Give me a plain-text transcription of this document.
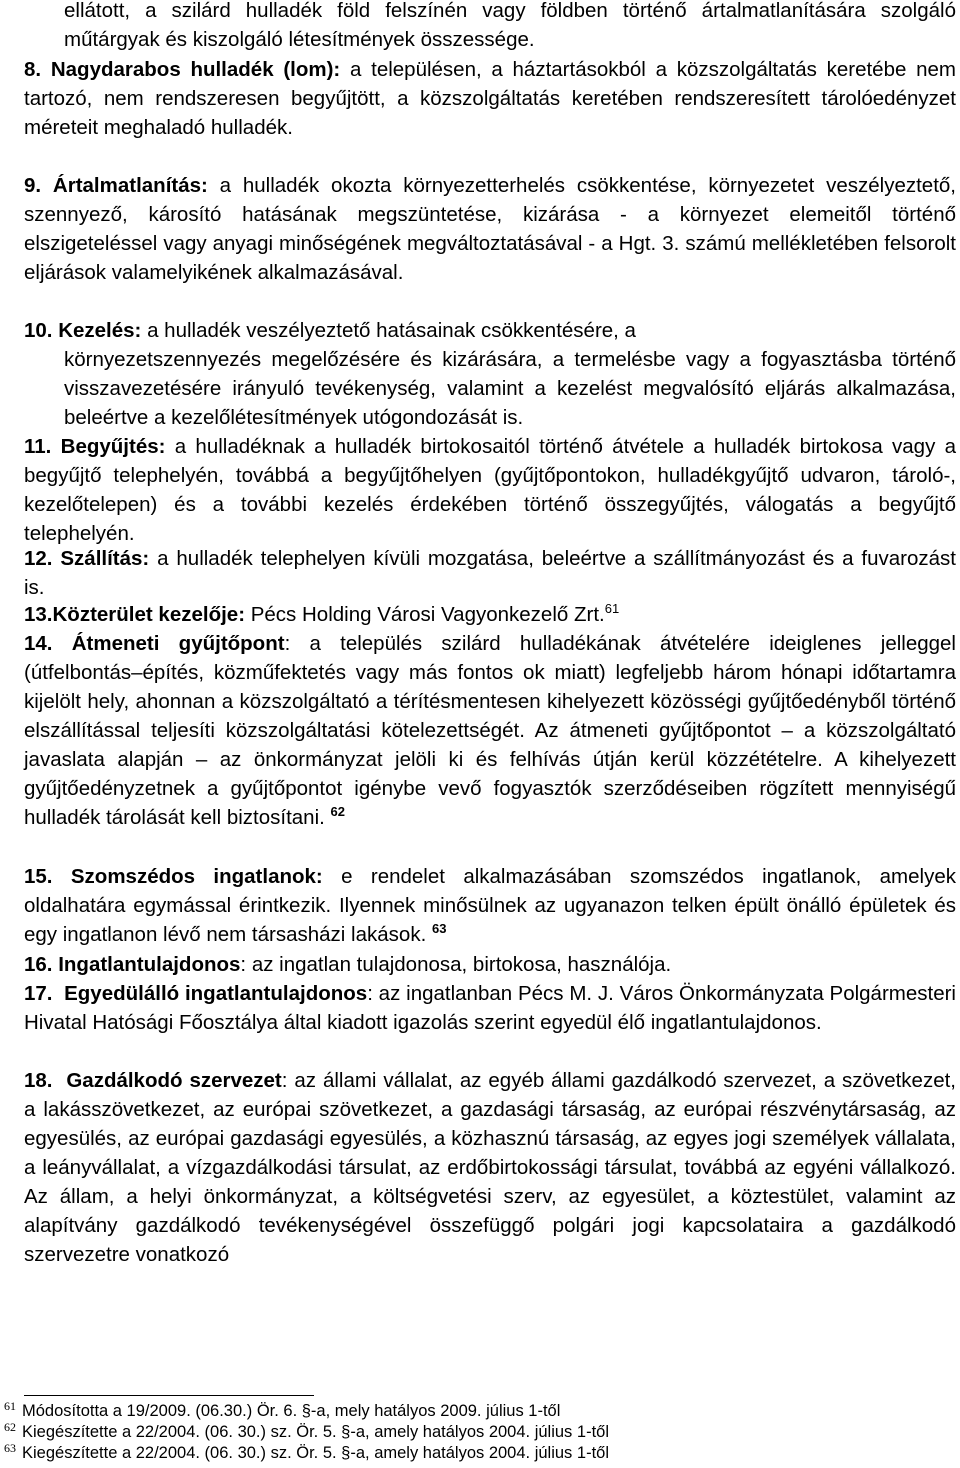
ellátott, a szilárd hulladék föld felszínén vagy földben történő ártalmatlanítására szolgáló műtárgyak és kiszolgáló létesítmények összessége.

8. Nagydarabos hulladék (lom): a településen, a háztartásokból a közszolgáltatás keretébe nem tartozó, nem rendszeresen begyűjtött, a közszolgáltatás keretében rendszeresített tárolóedényzet méreteit meghaladó hulladék.

9. Ártalmatlanítás: a hulladék okozta környezetterhelés csökkentése, környezetet veszélyeztető, szennyező, károsító hatásának megszüntetése, kizárása - a környezet elemeitől történő elszigeteléssel vagy anyagi minőségének megváltoztatásával - a Hgt. 3. számú mellékletében felsorolt eljárások valamelyikének alkalmazásával.

10. Kezelés: a hulladék veszélyeztető hatásainak csökkentésére, a

környezetszennyezés megelőzésére és kizárására, a termelésbe vagy a fogyasztásba történő visszavezetésére irányuló tevékenység, valamint a kezelést megvalósító eljárás alkalmazása, beleértve a kezelőlétesítmények utógondozását is.

11. Begyűjtés: a hulladéknak a hulladék birtokosaitól történő átvétele a hulladék birtokosa vagy a begyűjtő telephelyén, továbbá a begyűjtőhelyen (gyűjtőpontokon, hulladékgyűjtő udvaron, tároló-, kezelőtelepen) és a további kezelés érdekében történő összegyűjtés, válogatás a begyűjtő telephelyén.

12. Szállítás: a hulladék telephelyen kívüli mozgatása, beleértve a szállítmányozást és a fuvarozást is.

13.Közterület kezelője: Pécs Holding Városi Vagyonkezelő Zrt.$^{61}$

14. Átmeneti gyűjtőpont: a település szilárd hulladékának átvételére ideiglenes jelleggel (útfelbontás–építés, közműfektetés vagy más fontos ok miatt) legfeljebb három hónapi időtartamra kijelölt hely, ahonnan a közszolgáltató a térítésmentesen kihelyezett közösségi gyűjtőedényből történő elszállítással teljesíti közszolgáltatási kötelezettségét. Az átmeneti gyűjtőpontot – a közszolgáltató javaslata alapján – az önkormányzat jelöli ki és felhívás útján kerül közzétételre. A kihelyezett gyűjtőedényzetnek a gyűjtőpontot igénybe vevő fogyasztók szerződéseiben rögzített mennyiségű hulladék tárolását kell biztosítani. $^{62}$

15. Szomszédos ingatlanok: e rendelet alkalmazásában szomszédos ingatlanok, amelyek oldalhatára egymással érintkezik. Ilyennek minősülnek az ugyanazon telken épült önálló épületek és egy ingatlanon lévő nem társasházi lakások. $^{63}$

16. Ingatlantulajdonos: az ingatlan tulajdonosa, birtokosa, használója.

17. Egyedülálló ingatlantulajdonos: az ingatlanban Pécs M. J. Város Önkormányzata Polgármesteri Hivatal Hatósági Főosztálya által kiadott igazolás szerint egyedül élő ingatlantulajdonos.

18. Gazdálkodó szervezet: az állami vállalat, az egyéb állami gazdálkodó szervezet, a szövetkezet, a lakásszövetkezet, az európai szövetkezet, a gazdasági társaság, az európai részvénytársaság, az egyesülés, az európai gazdasági egyesülés, a közhasznú társaság, az egyes jogi személyek vállalata, a leányvállalat, a vízgazdálkodási társulat, az erdőbirtokossági társulat, továbbá az egyéni vállalkozó. Az állam, a helyi önkormányzat, a költségvetési szerv, az egyesület, a köztestület, valamint az alapítvány gazdálkodó tevékenységével összefüggő polgári jogi kapcsolataira a gazdálkodó szervezetre vonatkozó

61 Módosította a 19/2009. (06.30.) Ör. 6. §-a, mely hatályos 2009. július 1-től

62 Kiegészítette a 22/2004. (06. 30.) sz. Ör. 5. §-a, amely hatályos 2004. július 1-től

63 Kiegészítette a 22/2004. (06. 30.) sz. Ör. 5. §-a, amely hatályos 2004. július 1-től
